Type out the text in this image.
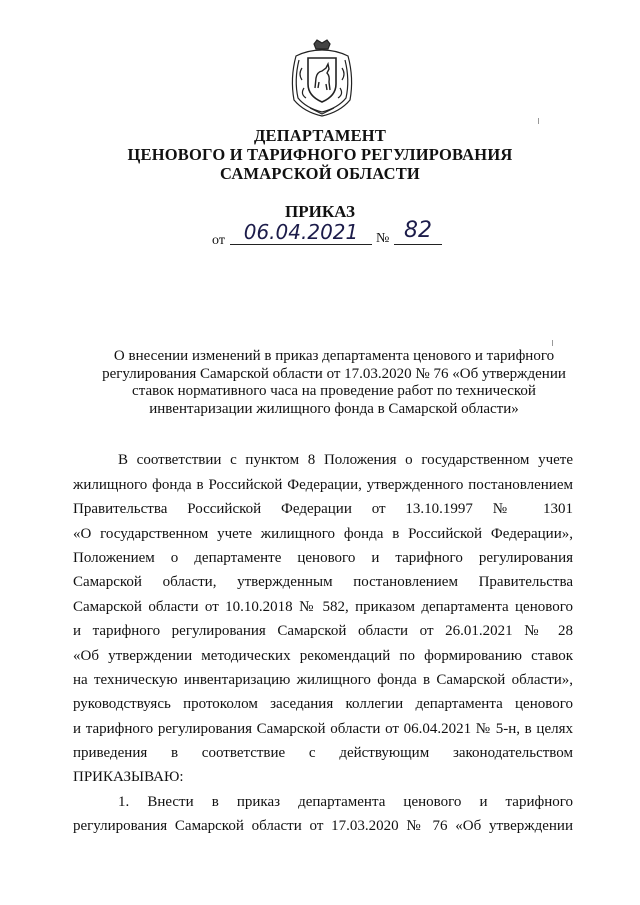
ДЕПАРТАМЕНТ
ЦЕНОВОГО И ТАРИФНОГО РЕГУЛИРОВАНИЯ
САМАРСКОЙ ОБЛАСТИ
ПРИКАЗ
от 06.04.2021	№ 82
О внесении изменений в приказ департамента ценового и тарифного
регулирования Самарской области от 17.03.2020 № 76 «Об утверждении
ставок нормативного часа на проведение работ по технической
инвентаризации жилищного фонда в Самарской области»
В соответствии с пунктом 8 Положения о государственном учете
жилищного фонда в Российской Федерации, утвержденного постановлением
Правительства Российской Федерации от 13.10.1997 № 1301
«О государственном учете жилищного фонда в Российской Федерации»,
Положением о департаменте ценового и тарифного регулирования
Самарской области, утвержденным постановлением Правительства
Самарской области от 10.10.2018 № 582, приказом департамента ценового
и тарифного регулирования Самарской области от 26.01.2021 № 28
«Об утверждении методических рекомендаций по формированию ставок
на техническую инвентаризацию жилищного фонда в Самарской области»,
руководствуясь протоколом заседания коллегии департамента ценового
и тарифного регулирования Самарской области от 06.04.2021 № 5-н, в целях
приведения в соответствие с действующим законодательством
ПРИКАЗЫВАЮ:
1. Внести в приказ департамента ценового и тарифного
регулирования Самарской области от 17.03.2020 № 76 «Об утверждении
